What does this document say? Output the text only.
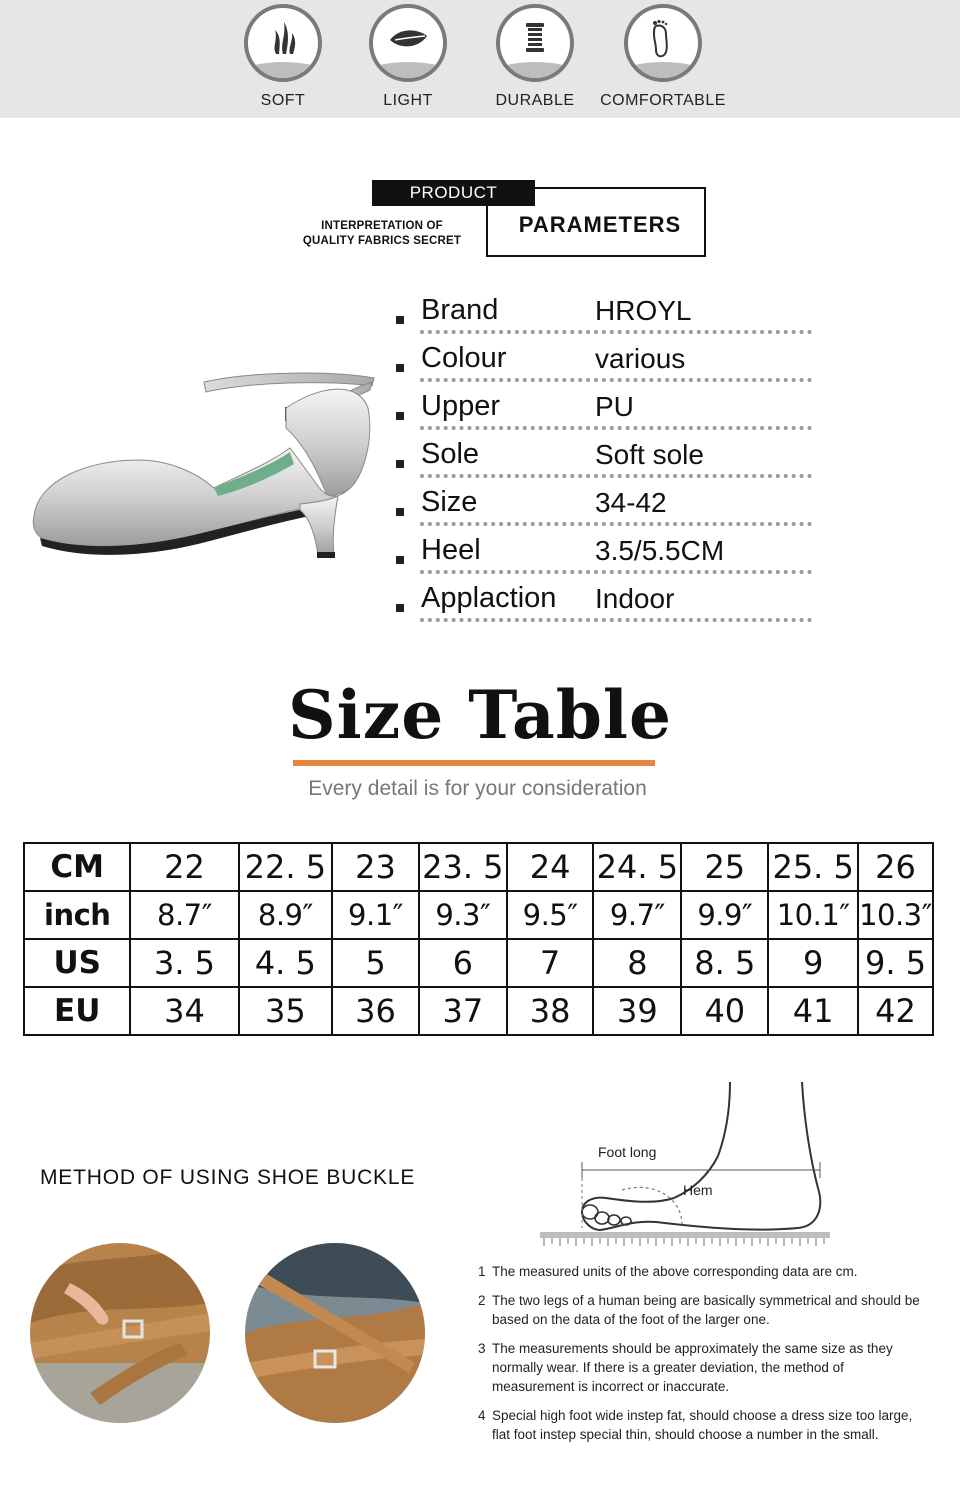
SOFT	LIGHT	DURABLE	COMFORTABLE
PRODUCT
PARAMETERS
INTERPRETATION OF
QUALITY FABRICS SECRET
Brand	HROYL
Colour	various
Upper	PU
Sole	Soft sole
Size	34-42
Heel	3.5/5.5CM
Applaction Indoor
Size Table
Every detail is for your consideration
CM	22	22. 5	23	23. 5	24	24. 5	25	25. 5	26
inch	8.7″	8.9″	9.1″	9.3″	9.5″	9.7″	9.9″	10.1″	10.3″
US	3. 5	4. 5	5	6	7	8	8. 5	9	9. 5
EU	34	35	36	37	38	39	40	41	42
METHOD OF USING SHOE BUCKLE
Foot long
Hem
1 The measured units of the above corresponding data are cm.
2 The two legs of a human being are basically symmetrical and should be based on the data of the foot of the larger one.
3 The measurements should be approximately the same size as they normally wear. If there is a greater deviation, the method of measurement is incorrect or inaccurate.
4 Special high foot wide instep fat, should choose a dress size too large, flat foot instep special thin, should choose a number in the small.
